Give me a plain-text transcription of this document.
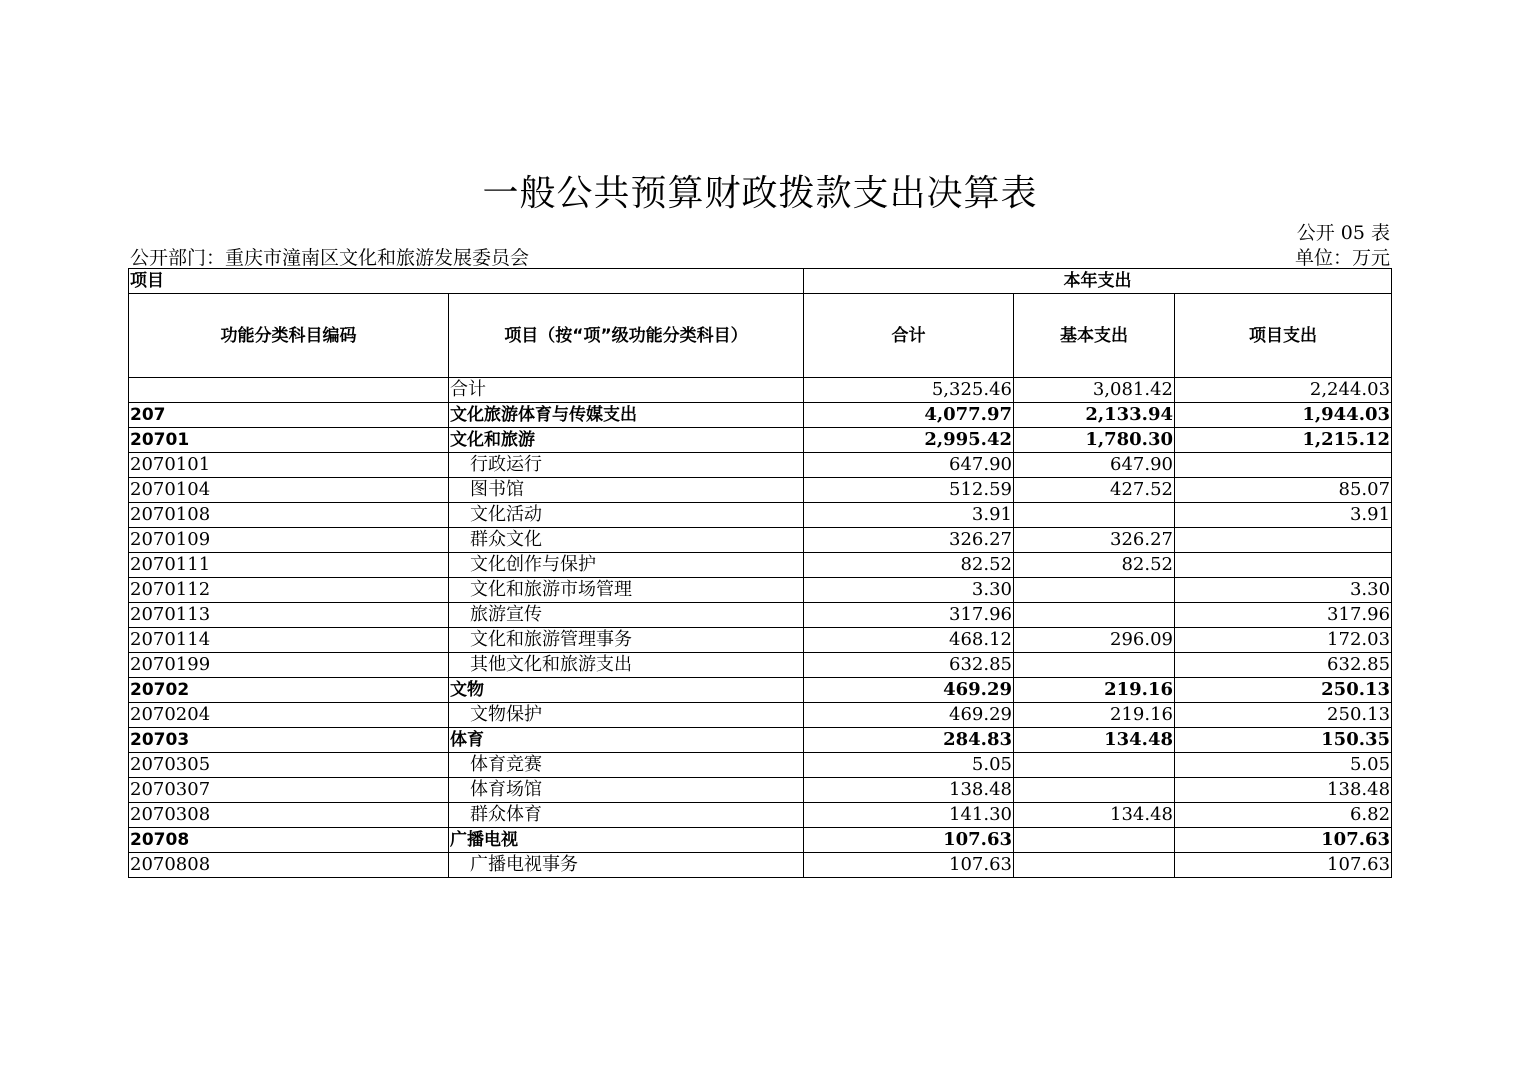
一般公共预算财政拨款支出决算表
公开 05 表
公开部门：重庆市潼南区文化和旅游发展委员会	单位：万元
项目		本年支出		
功能分类科目编码	项目（按“项”级功能分类科目）	合计	基本支出	项目支出
	合计	5,325.46	3,081.42	2,244.03
207	文化旅游体育与传媒支出	4,077.97	2,133.94	1,944.03
20701	文化和旅游	2,995.42	1,780.30	1,215.12
2070101	行政运行	647.90	647.90	
2070104	图书馆	512.59	427.52	85.07
2070108	文化活动	3.91		3.91
2070109	群众文化	326.27	326.27	
2070111	文化创作与保护	82.52	82.52	
2070112	文化和旅游市场管理	3.30		3.30
2070113	旅游宣传	317.96		317.96
2070114	文化和旅游管理事务	468.12	296.09	172.03
2070199	其他文化和旅游支出	632.85		632.85
20702	文物	469.29	219.16	250.13
2070204	文物保护	469.29	219.16	250.13
20703	体育	284.83	134.48	150.35
2070305	体育竞赛	5.05		5.05
2070307	体育场馆	138.48		138.48
2070308	群众体育	141.30	134.48	6.82
20708	广播电视	107.63		107.63
2070808	广播电视事务	107.63		107.63
